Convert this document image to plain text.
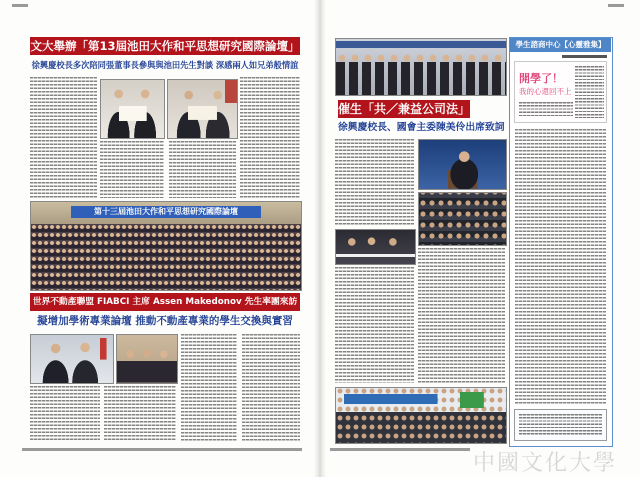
文大舉辦「第13屆池田大作和平思想研究國際論壇」
徐興慶校長多次陪同張董事長參與與池田先生對談 深感兩人如兄弟般情誼
第十三屆池田大作和平思想研究國際論壇
世界不動產聯盟 FIABCI 主席 Assen Makedonov 先生率團來訪
擬增加學術專業論壇 推動不動產專業的學生交換與實習
催生「共／兼益公司法」
徐興慶校長、國會主委陳美伶出席致詞
學生諮商中心【心靈雅集】
開學了！
我的心還回不上
中國文化大學
